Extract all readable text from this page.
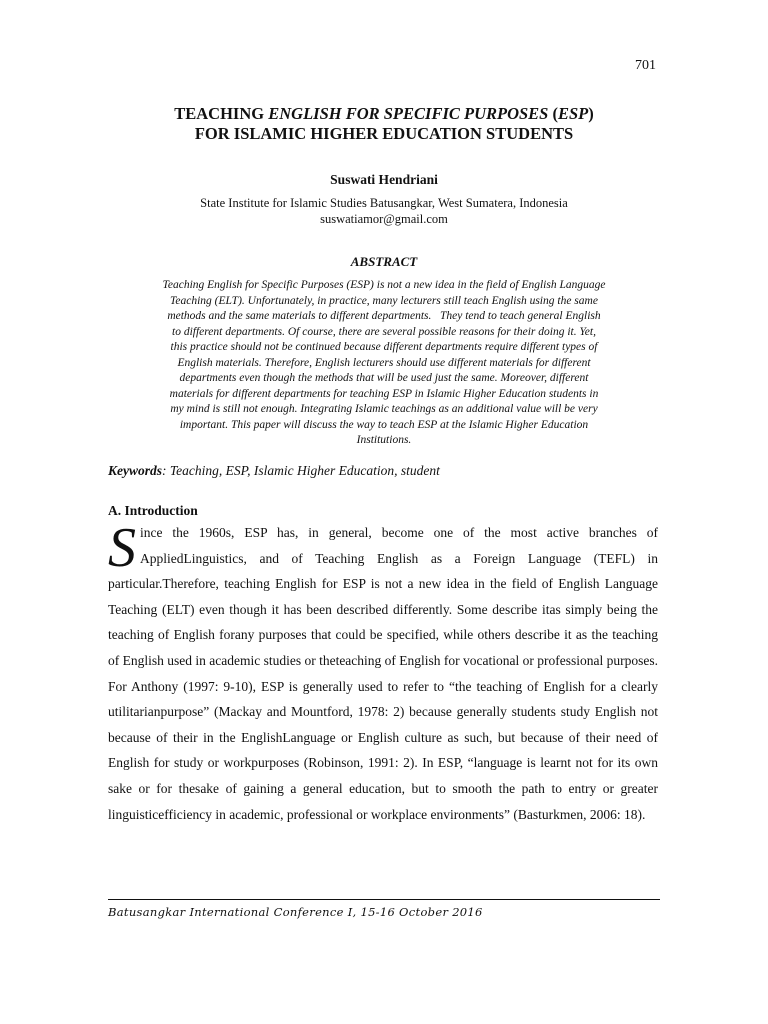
701
TEACHING ENGLISH FOR SPECIFIC PURPOSES (ESP)
FOR ISLAMIC HIGHER EDUCATION STUDENTS
Suswati Hendriani
State Institute for Islamic Studies Batusangkar, West Sumatera, Indonesia
suswatiamor@gmail.com
ABSTRACT
Teaching English for Specific Purposes (ESP) is not a new idea in the field of English Language
Teaching (ELT). Unfortunately, in practice, many lecturers still teach English using the same
methods and the same materials to different departments.   They tend to teach general English
to different departments. Of course, there are several possible reasons for their doing it. Yet,
this practice should not be continued because different departments require different types of
English materials. Therefore, English lecturers should use different materials for different
departments even though the methods that will be used just the same. Moreover, different
materials for different departments for teaching ESP in Islamic Higher Education students in
my mind is still not enough. Integrating Islamic teachings as an additional value will be very
important. This paper will discuss the way to teach ESP at the Islamic Higher Education
Institutions.
Keywords: Teaching, ESP, Islamic Higher Education, student
A. Introduction
Since the 1960s, ESP has, in general, become one of the most active branches of AppliedLinguistics, and of Teaching English as a Foreign Language (TEFL) in particular.Therefore, teaching English for ESP is not a new idea in the field of English Language Teaching (ELT) even though it has been described differently. Some describe itas simply being the teaching of English forany purposes that could be specified, while others describe it as the teaching of English used in academic studies or theteaching of English for vocational or professional purposes. For Anthony (1997: 9-10), ESP is generally used to refer to “the teaching of English for a clearly utilitarianpurpose” (Mackay and Mountford, 1978: 2) because generally students study English not because of their in the EnglishLanguage or English culture as such, but because of their need of English for study or workpurposes (Robinson, 1991: 2). In ESP, “language is learnt not for its own sake or for thesake of gaining a general education, but to smooth the path to entry or greater linguisticefficiency in academic, professional or workplace environments” (Basturkmen, 2006: 18).
Batusangkar International Conference I, 15-16 October 2016
